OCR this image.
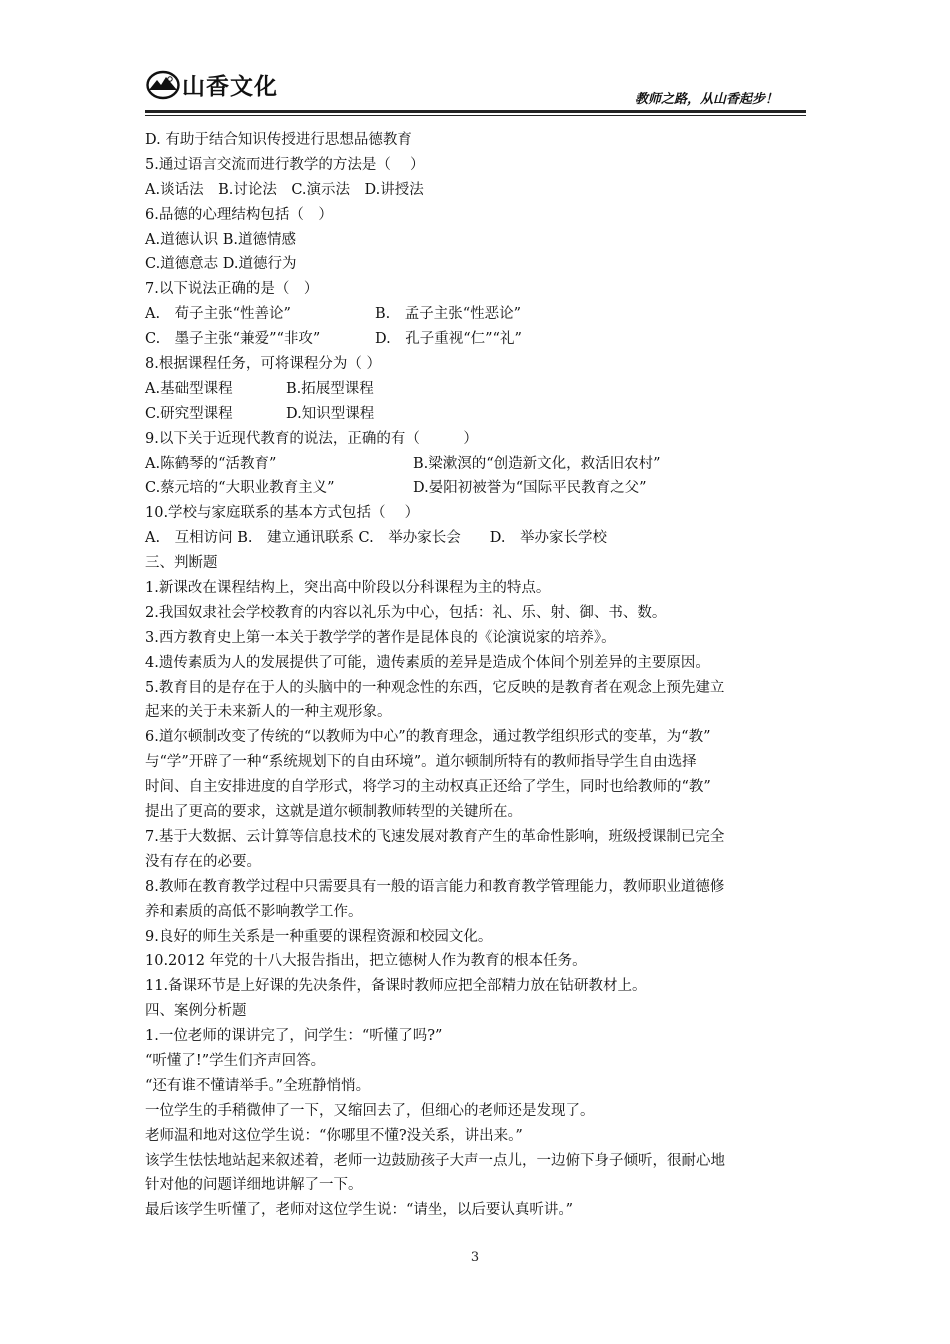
山香文化	教师之路，从山香起步！
D. 有助于结合知识传授进行思想品德教育
5.通过语言交流而进行教学的方法是（　 ）
A.谈话法　B.讨论法　C.演示法　D.讲授法
6.品德的心理结构包括（　）
A.道德认识 B.道德情感
C.道德意志 D.道德行为
7.以下说法正确的是（　）
A.　荀子主张“性善论”	B.　孟子主张“性恶论”
C.　墨子主张“兼爱”“非攻”	D.　孔子重视“仁”“礼”
8.根据课程任务，可将课程分为（ ）
A.基础型课程	B.拓展型课程
C.研究型课程	D.知识型课程
9.以下关于近现代教育的说法，正确的有（　　　）
A.陈鹤琴的“活教育”	B.梁漱溟的“创造新文化，救活旧农村”
C.蔡元培的“大职业教育主义”	D.晏阳初被誉为“国际平民教育之父”
10.学校与家庭联系的基本方式包括（　 ）
A.　互相访问 B.　建立通讯联系 C.　举办家长会　　D.　举办家长学校
三、判断题
1.新课改在课程结构上，突出高中阶段以分科课程为主的特点。
2.我国奴隶社会学校教育的内容以礼乐为中心，包括：礼、乐、射、御、书、数。
3.西方教育史上第一本关于教学学的著作是昆体良的《论演说家的培养》。
4.遗传素质为人的发展提供了可能，遗传素质的差异是造成个体间个别差异的主要原因。
5.教育目的是存在于人的头脑中的一种观念性的东西，它反映的是教育者在观念上预先建立
起来的关于未来新人的一种主观形象。
6.道尔顿制改变了传统的“以教师为中心”的教育理念，通过教学组织形式的变革，为“教”
与“学”开辟了一种“系统规划下的自由环境”。道尔顿制所特有的教师指导学生自由选择
时间、自主安排进度的自学形式，将学习的主动权真正还给了学生，同时也给教师的“教”
提出了更高的要求，这就是道尔顿制教师转型的关键所在。
7.基于大数据、云计算等信息技术的飞速发展对教育产生的革命性影响，班级授课制已完全
没有存在的必要。
8.教师在教育教学过程中只需要具有一般的语言能力和教育教学管理能力，教师职业道德修
养和素质的高低不影响教学工作。
9.良好的师生关系是一种重要的课程资源和校园文化。
10.2012 年党的十八大报告指出，把立德树人作为教育的根本任务。
11.备课环节是上好课的先决条件，备课时教师应把全部精力放在钻研教材上。
四、案例分析题
1.一位老师的课讲完了，问学生：“听懂了吗?”
“听懂了!”学生们齐声回答。
“还有谁不懂请举手。”全班静悄悄。
一位学生的手稍微伸了一下，又缩回去了，但细心的老师还是发现了。
老师温和地对这位学生说：“你哪里不懂?没关系，讲出来。”
该学生怯怯地站起来叙述着，老师一边鼓励孩子大声一点儿，一边俯下身子倾听，很耐心地
针对他的问题详细地讲解了一下。
最后该学生听懂了，老师对这位学生说：“请坐，以后要认真听讲。”
3
